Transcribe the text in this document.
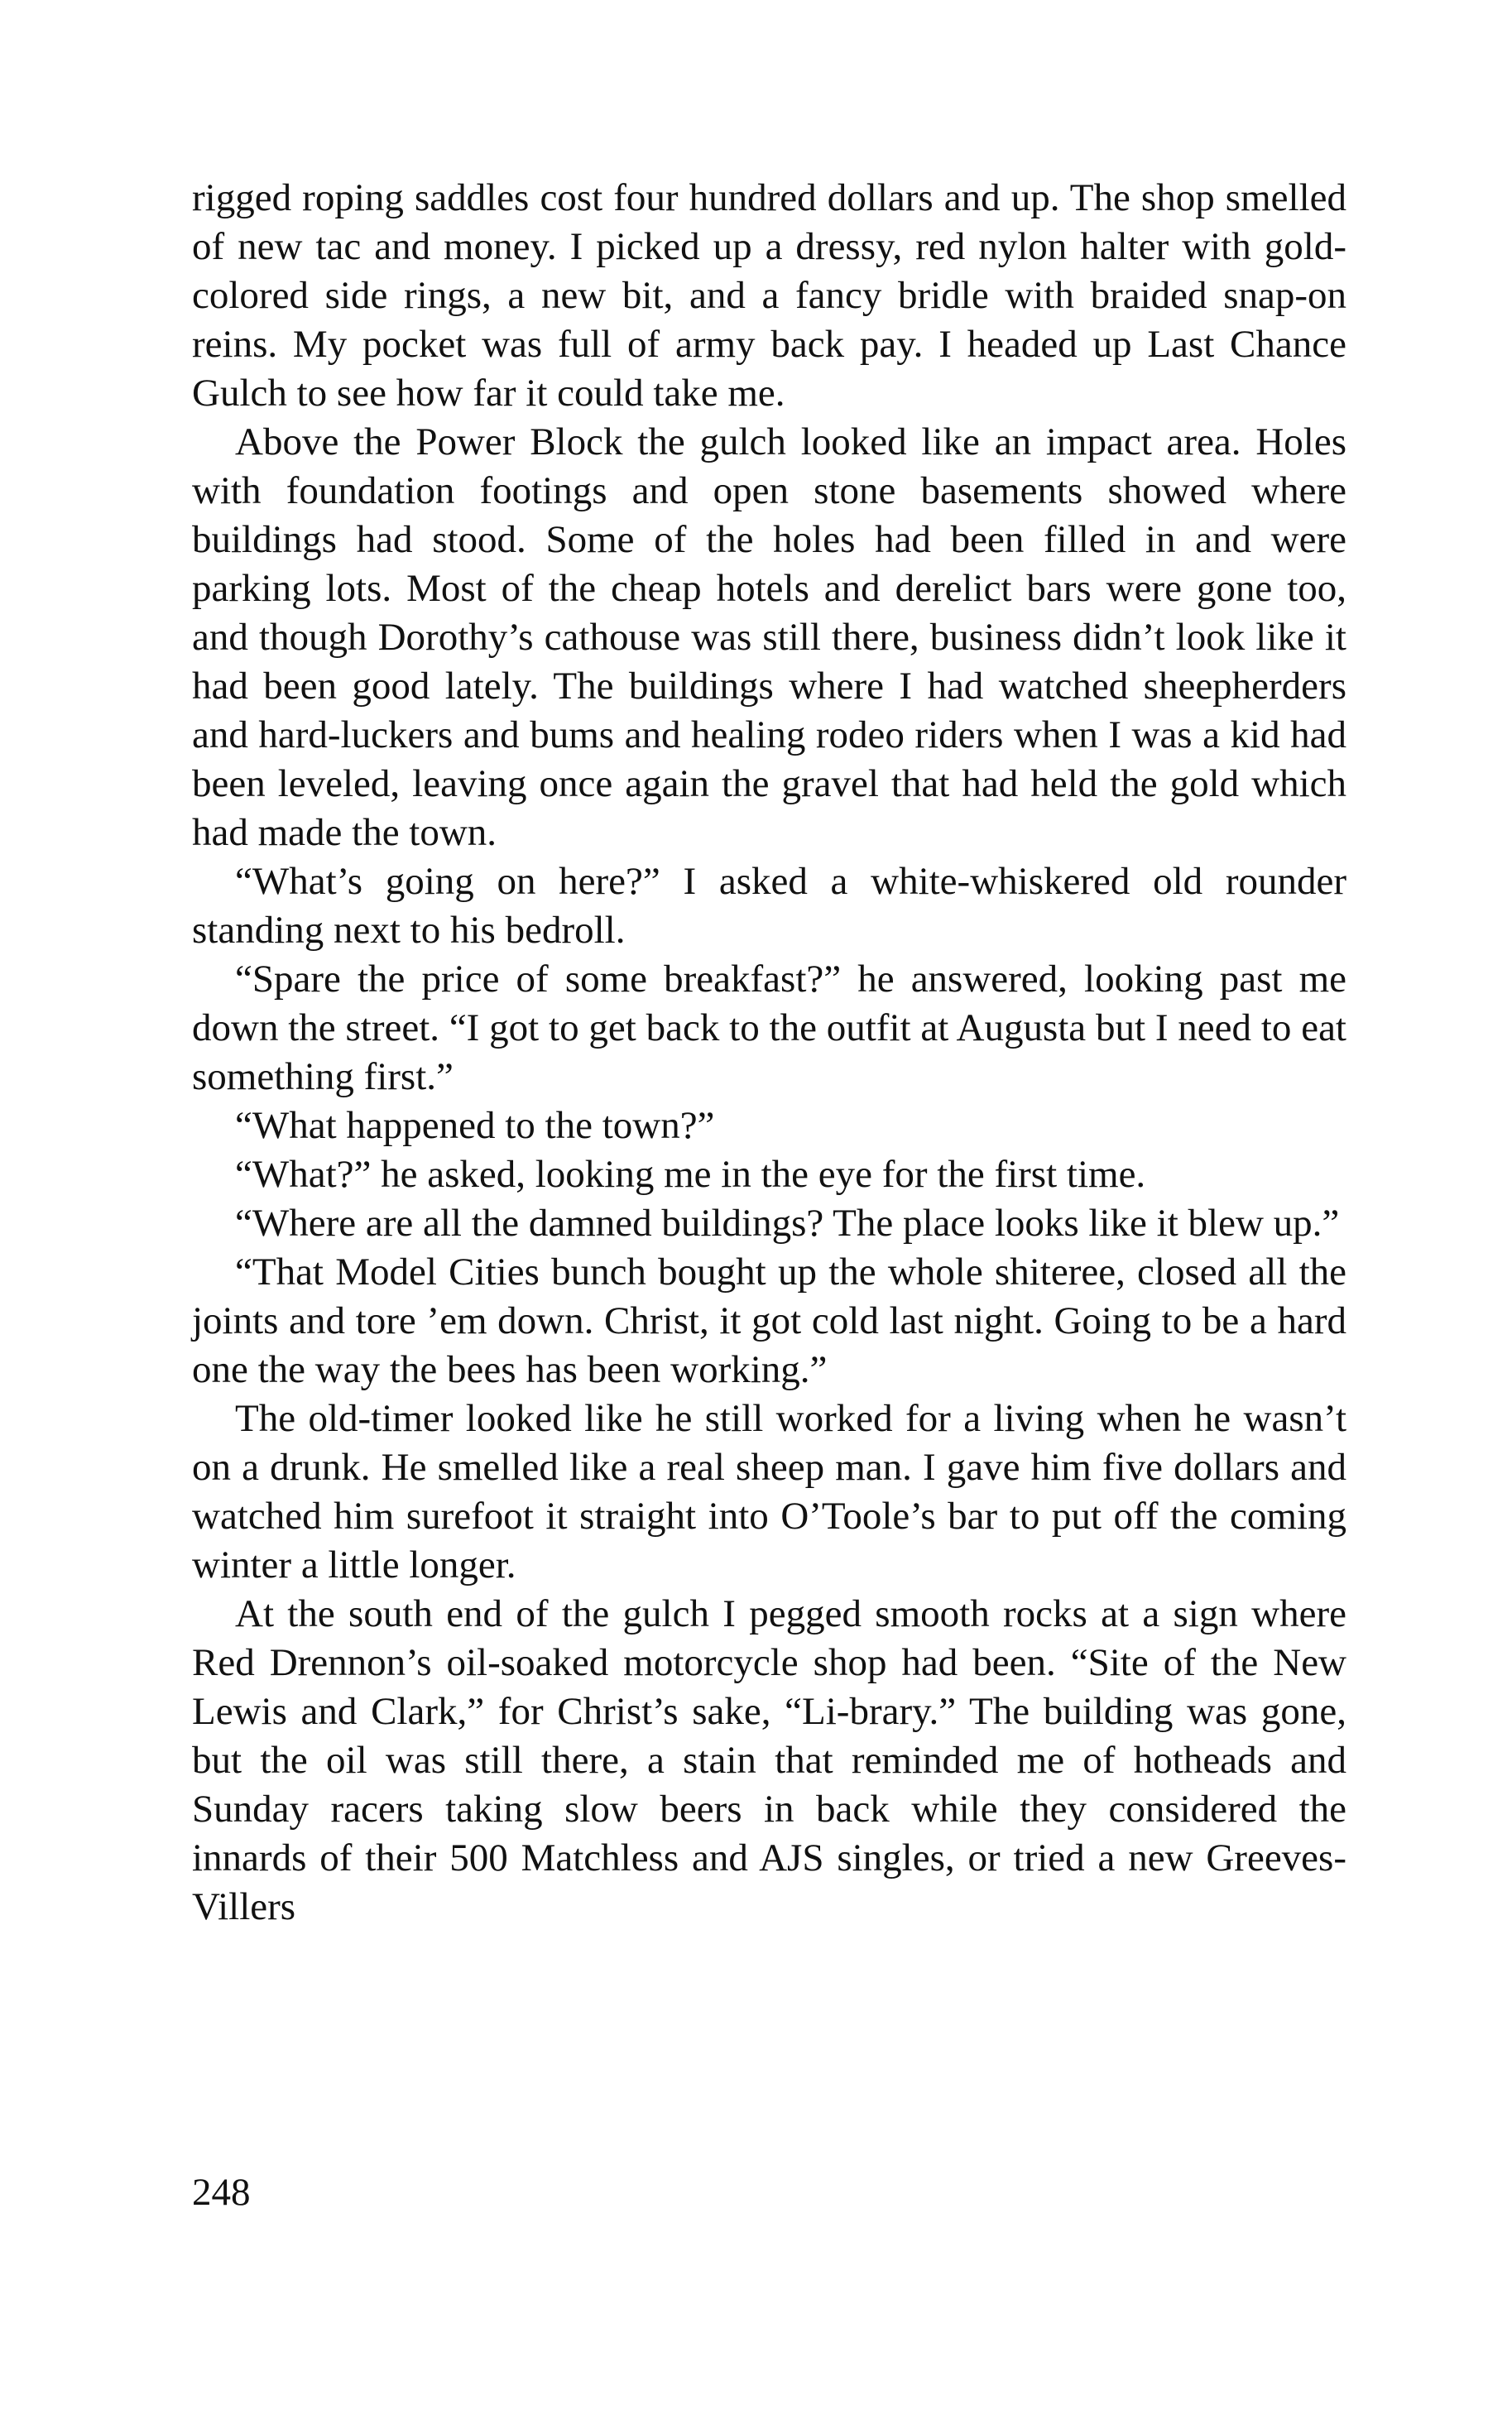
rigged roping saddles cost four hundred dollars and up. The shop smelled of new tac and money. I picked up a dressy, red nylon halter with gold-colored side rings, a new bit, and a fancy bridle with braided snap-on reins. My pocket was full of army back pay. I headed up Last Chance Gulch to see how far it could take me.

Above the Power Block the gulch looked like an impact area. Holes with foundation footings and open stone basements showed where buildings had stood. Some of the holes had been filled in and were parking lots. Most of the cheap hotels and derelict bars were gone too, and though Dorothy’s cathouse was still there, business didn’t look like it had been good lately. The buildings where I had watched sheepherders and hard-luckers and bums and healing rodeo riders when I was a kid had been leveled, leaving once again the gravel that had held the gold which had made the town.

“What’s going on here?” I asked a white-whiskered old rounder standing next to his bedroll.

“Spare the price of some breakfast?” he answered, looking past me down the street. “I got to get back to the outfit at Augusta but I need to eat something first.”

“What happened to the town?”

“What?” he asked, looking me in the eye for the first time.

“Where are all the damned buildings? The place looks like it blew up.”

“That Model Cities bunch bought up the whole shiteree, closed all the joints and tore ’em down. Christ, it got cold last night. Going to be a hard one the way the bees has been working.”

The old-timer looked like he still worked for a living when he wasn’t on a drunk. He smelled like a real sheep man. I gave him five dollars and watched him surefoot it straight into O’Toole’s bar to put off the coming winter a little longer.

At the south end of the gulch I pegged smooth rocks at a sign where Red Drennon’s oil-soaked motorcycle shop had been. “Site of the New Lewis and Clark,” for Christ’s sake, “Li-brary.” The building was gone, but the oil was still there, a stain that reminded me of hotheads and Sunday racers taking slow beers in back while they considered the innards of their 500 Matchless and AJS singles, or tried a new Greeves-Villers

248
